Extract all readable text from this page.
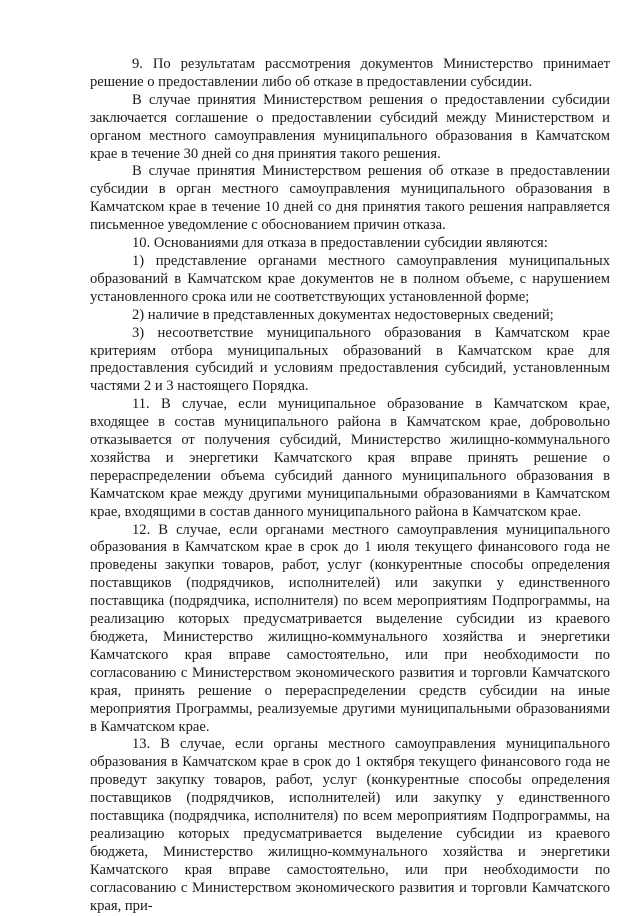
9. По результатам рассмотрения документов Министерство принимает решение о предоставлении либо об отказе в предоставлении субсидии.

В случае принятия Министерством решения о предоставлении субсидии заключается соглашение о предоставлении субсидий между Министерством и органом местного самоуправления муниципального образования в Камчатском крае в течение 30 дней со дня принятия такого решения.

В случае принятия Министерством решения об отказе в предоставлении субсидии в орган местного самоуправления муниципального образования в Камчатском крае в течение 10 дней со дня принятия такого решения направляется письменное уведомление с обоснованием причин отказа.

10. Основаниями для отказа в предоставлении субсидии являются:

1) представление органами местного самоуправления муниципальных образований в Камчатском крае документов не в полном объеме, с нарушением установленного срока или не соответствующих установленной форме;

2) наличие в представленных документах недостоверных сведений;

3) несоответствие муниципального образования в Камчатском крае критериям отбора муниципальных образований в Камчатском крае для предоставления субсидий и условиям предоставления субсидий, установленным частями 2 и 3 настоящего Порядка.

11. В случае, если муниципальное образование в Камчатском крае, входящее в состав муниципального района в Камчатском крае, добровольно отказывается от получения субсидий, Министерство жилищно-коммунального хозяйства и энергетики Камчатского края вправе принять решение о перераспределении объема субсидий данного муниципального образования в Камчатском крае между другими муниципальными образованиями в Камчатском крае, входящими в состав данного муниципального района в Камчатском крае.

12. В случае, если органами местного самоуправления муниципального образования в Камчатском крае в срок до 1 июля текущего финансового года не проведены закупки товаров, работ, услуг (конкурентные способы определения поставщиков (подрядчиков, исполнителей) или закупки у единственного поставщика (подрядчика, исполнителя) по всем мероприятиям Подпрограммы, на реализацию которых предусматривается выделение субсидии из краевого бюджета, Министерство жилищно-коммунального хозяйства и энергетики Камчатского края вправе самостоятельно, или при необходимости по согласованию с Министерством экономического развития и торговли Камчатского края, принять решение о перераспределении средств субсидии на иные мероприятия Программы, реализуемые другими муниципальными образованиями в Камчатском крае.

13. В случае, если органы местного самоуправления муниципального образования в Камчатском крае в срок до 1 октября текущего финансового года не проведут закупку товаров, работ, услуг (конкурентные способы определения поставщиков (подрядчиков, исполнителей) или закупку у единственного поставщика (подрядчика, исполнителя) по всем мероприятиям Подпрограммы, на реализацию которых предусматривается выделение субсидии из краевого бюджета, Министерство жилищно-коммунального хозяйства и энергетики Камчатского края вправе самостоятельно, или при необходимости по согласованию с Министерством экономического развития и торговли Камчатского края, при-
